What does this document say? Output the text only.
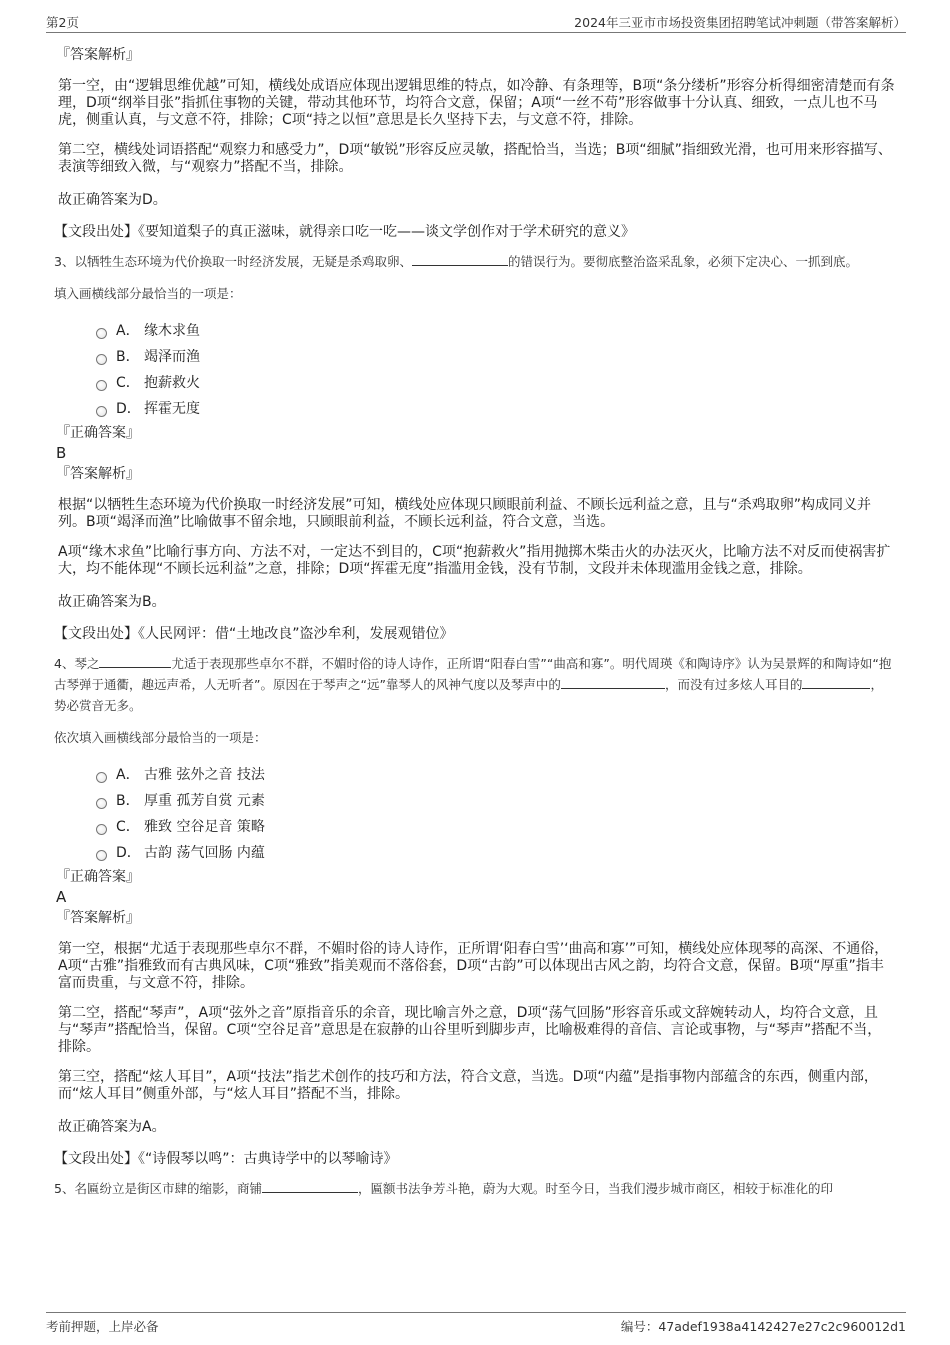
第2页	2024年三亚市市场投资集团招聘笔试冲刺题（带答案解析）
『答案解析』

第一空，由“逻辑思维优越”可知，横线处成语应体现出逻辑思维的特点，如冷静、有条理等，B项“条分缕析”形容分析得细密清楚而有条理，D项“纲举目张”指抓住事物的关键，带动其他环节，均符合文意，保留；A项“一丝不苟”形容做事十分认真、细致，一点儿也不马虎，侧重认真，与文意不符，排除；C项“持之以恒”意思是长久坚持下去，与文意不符，排除。

第二空，横线处词语搭配“观察力和感受力”，D项“敏锐”形容反应灵敏，搭配恰当，当选；B项“细腻”指细致光滑，也可用来形容描写、表演等细致入微，与“观察力”搭配不当，排除。

故正确答案为D。

【文段出处】《要知道梨子的真正滋味，就得亲口吃一吃——谈文学创作对于学术研究的意义》

3、以牺牲生态环境为代价换取一时经济发展，无疑是杀鸡取卵、	的错误行为。要彻底整治盗采乱象，必须下定决心、一抓到底。

填入画横线部分最恰当的一项是：
A． 缘木求鱼
B． 竭泽而渔
C． 抱薪救火
D． 挥霍无度
『正确答案』
B
『答案解析』

根据“以牺牲生态环境为代价换取一时经济发展”可知，横线处应体现只顾眼前利益、不顾长远利益之意，且与“杀鸡取卵”构成同义并列。B项“竭泽而渔”比喻做事不留余地，只顾眼前利益，不顾长远利益，符合文意，当选。

A项“缘木求鱼”比喻行事方向、方法不对，一定达不到目的，C项“抱薪救火”指用抛掷木柴击火的办法灭火，比喻方法不对反而使祸害扩大，均不能体现“不顾长远利益”之意，排除；D项“挥霍无度”指滥用金钱，没有节制，文段并未体现滥用金钱之意，排除。

故正确答案为B。

【文段出处】《人民网评：借“土地改良”盗沙牟利，发展观错位》

4、琴之	尤适于表现那些卓尔不群，不媚时俗的诗人诗作，正所谓“阳春白雪”“曲高和寡”。明代周瑛《和陶诗序》认为吴景辉的和陶诗如“抱古琴弹于通衢，趣远声希，人无听者”。原因在于琴声之“远”靠琴人的风神气度以及琴声中的	，而没有过多炫人耳目的	，势必赏音无多。

依次填入画横线部分最恰当的一项是：
A． 古雅 弦外之音 技法
B． 厚重 孤芳自赏 元素
C． 雅致 空谷足音 策略
D． 古韵 荡气回肠 内蕴
『正确答案』
A
『答案解析』

第一空，根据“尤适于表现那些卓尔不群，不媚时俗的诗人诗作，正所谓‘阳春白雪’‘曲高和寡’”可知，横线处应体现琴的高深、不通俗，A项“古雅”指雅致而有古典风味，C项“雅致”指美观而不落俗套，D项“古韵”可以体现出古风之韵，均符合文意，保留。B项“厚重”指丰富而贵重，与文意不符，排除。

第二空，搭配“琴声”，A项“弦外之音”原指音乐的余音，现比喻言外之意，D项“荡气回肠”形容音乐或文辞婉转动人，均符合文意，且与“琴声”搭配恰当，保留。C项“空谷足音”意思是在寂静的山谷里听到脚步声，比喻极难得的音信、言论或事物，与“琴声”搭配不当，排除。

第三空，搭配“炫人耳目”，A项“技法”指艺术创作的技巧和方法，符合文意，当选。D项“内蕴”是指事物内部蕴含的东西，侧重内部，而“炫人耳目”侧重外部，与“炫人耳目”搭配不当，排除。

故正确答案为A。

【文段出处】《“诗假琴以鸣”：古典诗学中的以琴喻诗》

5、名匾纷立是街区市肆的缩影，商铺	，匾额书法争芳斗艳，蔚为大观。时至今日，当我们漫步城市商区，相较于标准化的印

考前押题，上岸必备	编号：47adef1938a4142427e27c2c960012d1
